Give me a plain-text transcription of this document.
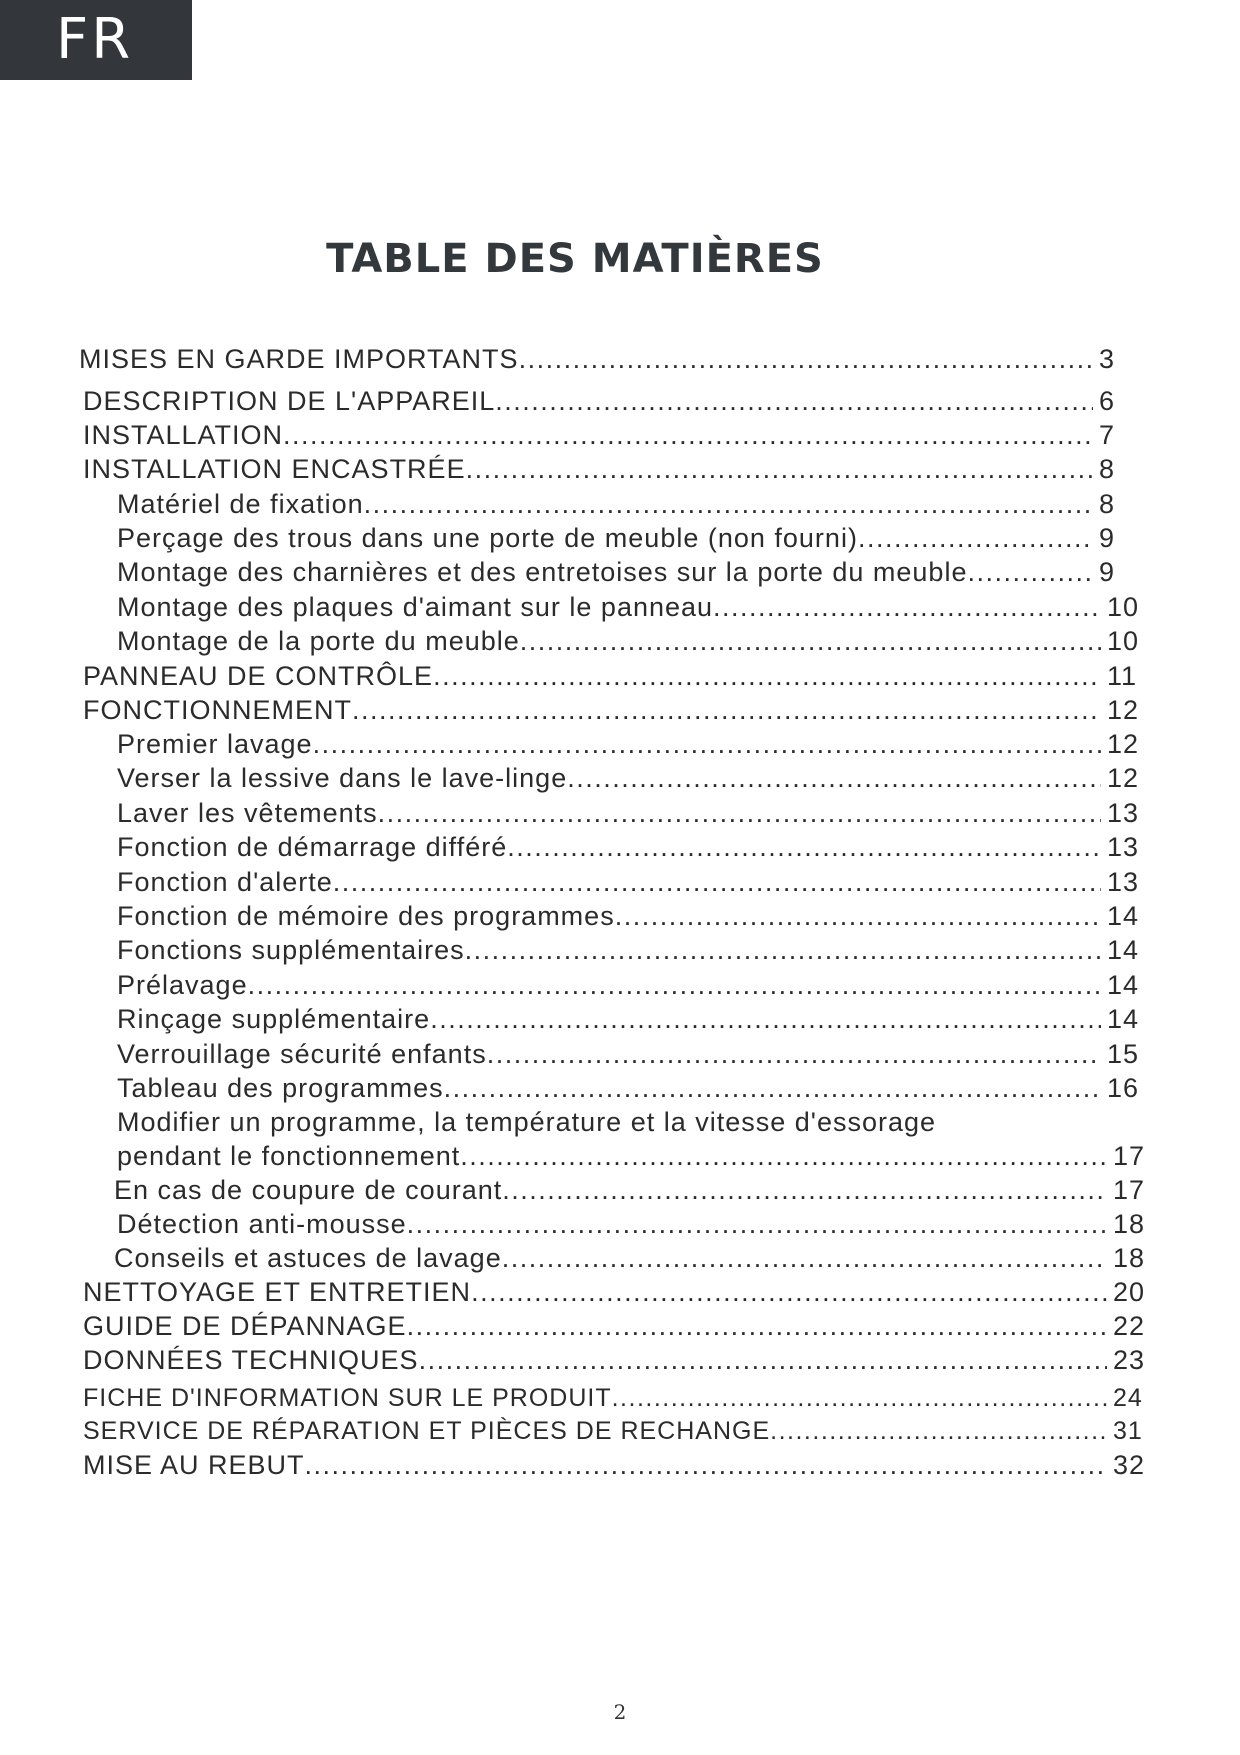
FR
TABLE DES MATIÈRES
MISES EN GARDE IMPORTANTS .....	3
DESCRIPTION DE L'APPAREIL .....	6
INSTALLATION .....	7
INSTALLATION ENCASTRÉE .....	8
Matériel de fixation .....	8
Perçage des trous dans une porte de meuble (non fourni) .....	9
Montage des charnières et des entretoises sur la porte du meuble .....	9
Montage des plaques d'aimant sur le panneau .....	10
Montage de la porte du meuble .....	10
PANNEAU DE CONTRÔLE .....	11
FONCTIONNEMENT .....	12
Premier lavage .....	12
Verser la lessive dans le lave-linge .....	12
Laver les vêtements .....	13
Fonction de démarrage différé .....	13
Fonction d'alerte .....	13
Fonction de mémoire des programmes .....	14
Fonctions supplémentaires .....	14
Prélavage .....	14
Rinçage supplémentaire .....	14
Verrouillage sécurité enfants .....	15
Tableau des programmes .....	16
Modifier un programme, la température et la vitesse d'essorage
pendant le fonctionnement .....	17
En cas de coupure de courant .....	17
Détection anti-mousse .....	18
Conseils et astuces de lavage .....	18
NETTOYAGE ET ENTRETIEN .....	20
GUIDE DE DÉPANNAGE .....	22
DONNÉES TECHNIQUES .....	23
FICHE D'INFORMATION SUR LE PRODUIT .....	24
SERVICE DE RÉPARATION ET PIÈCES DE RECHANGE .....	31
MISE AU REBUT .....	32
2
